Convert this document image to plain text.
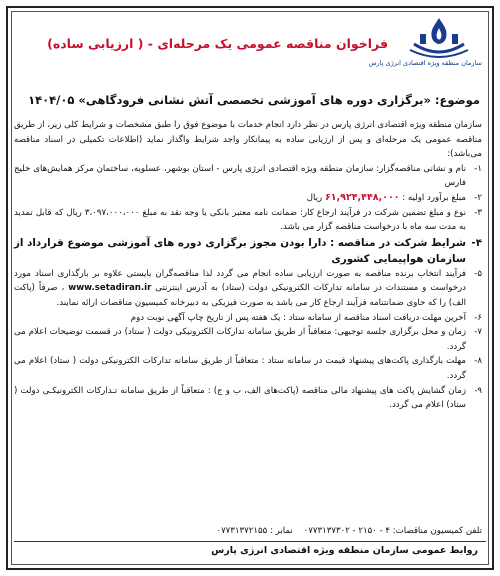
سازمان منطقه ویژه اقتصادی انرژی پارس
فراخوان مناقصه عمومی یک مرحله‌ای - ( ارزیابی ساده)
موضوع: «برگزاری دوره های آموزشی تخصصی آتش نشانی فرودگاهی» ۱۴۰۴/۰۵

سازمان منطقه ویژه اقتصادی انرژی پارس در نظر دارد انجام خدمات با موضوع فوق را طبق مشخصات و شرایط کلی زیر، از طریق مناقصه عمومی یک مرحله‌ای و پس از ارزیابی ساده به پیمانکار واجد شرایط واگذار نماید (اطلاعات تکمیلی در اسناد مناقصه می‌باشد):

۱-
نام و نشانی مناقصه‌گزار: سازمان منطقه ویژه اقتصادی انرژی پارس - استان بوشهر، عسلویه، ساختمان مرکز همایش‌های خلیج فارس

۲-
مبلغ برآورد اولیه : ۶۱,۹۲۴,۴۴۸,۰۰۰ ریال

۳-
نوع و مبلغ تضمین شرکت در فرآیند ارجاع کار: ضمانت نامه معتبر بانکی یا وجه نقد به مبلغ ۳،۰۹۷،۰۰۰،۰۰۰ ریال که قابل تمدید به مدت سه ماه با درخواست مناقصه گزار می باشد.

۴-
شرایط شرکت در مناقصه : دارا بودن مجوز برگزاری دوره های آموزشی موضوع قرارداد از سازمان هواپیمایی کشوری

۵-
فرآیند انتخاب برنده مناقصه به صورت ارزیابی ساده انجام می گردد لذا مناقصه‌گران بایستی علاوه بر بارگذاری اسناد مورد درخواست و مستندات در سامانه تدارکات الکترونیکی دولت (ستاد) به آدرس اینترنتی www.setadiran.ir ، صرفاً (پاکت الف) را که حاوی ضمانتنامه فرآیند ارجاع کار می باشد به صورت فیزیکی به دبیرخانه کمیسیون مناقصات ارائه نمایند.

۶-
آخرین مهلت دریافت اسناد مناقصه از سامانه ستاد : یک هفته پس از تاریخ چاپ آگهی نوبت دوم

۷-
زمان و محل برگزاری جلسه توجیهی: متعاقباً از طریق سامانه تدارکات الکترونیکی دولت ( ستاد) در قسمت توضیحات اعلام می گردد.

۸-
مهلت بارگذاری پاکت‌های پیشنهاد قیمت در سامانه ستاد : متعاقباً از طریق سامانه تدارکات الکترونیکی دولت ( ستاد) اعلام می گردد.

۹-
زمان گشایش پاکت های پیشنهاد مالی مناقصه (پاکت‌های الف، ب و ج) : متعاقباً از طریق سامانه تـدارکات الکترونیکـی دولت ( ستاد) اعلام می گردد.

تلفن کمیسیون مناقصات: ۰۷۷۳۱۳۷۳۰۲ - ۲۱۵۰ - ۴    نمابر : ۰۷۷۳۱۳۷۲۱۵۵
روابط عمومی سازمان منطقه ویژه اقتصادی انرژی پارس
